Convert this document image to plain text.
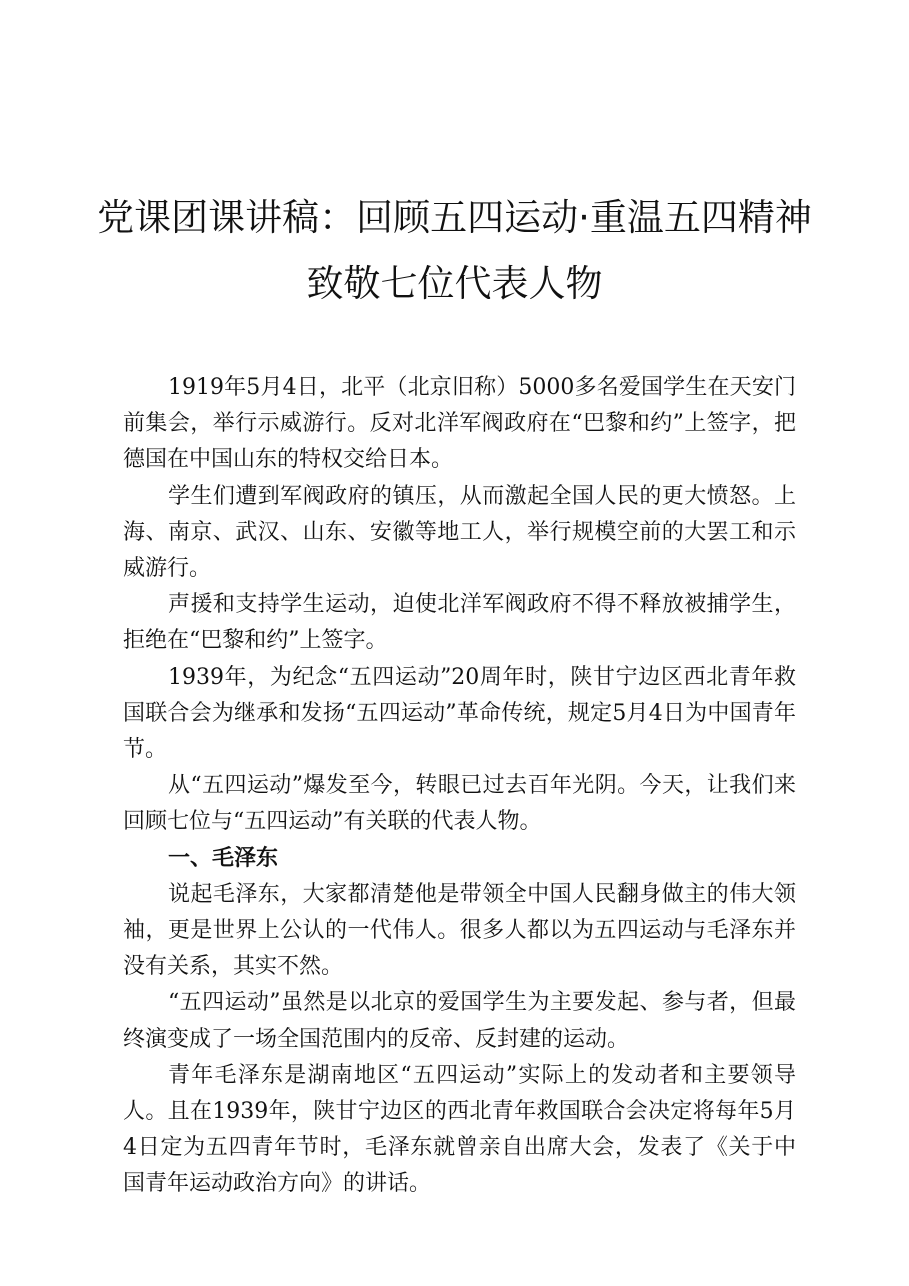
党课团课讲稿：回顾五四运动·重温五四精神
致敬七位代表人物

1919年5月4日，北平（北京旧称）5000多名爱国学生在天安门前集会，举行示威游行。反对北洋军阀政府在“巴黎和约”上签字，把德国在中国山东的特权交给日本。

学生们遭到军阀政府的镇压，从而激起全国人民的更大愤怒。上海、南京、武汉、山东、安徽等地工人，举行规模空前的大罢工和示威游行。

声援和支持学生运动，迫使北洋军阀政府不得不释放被捕学生，拒绝在“巴黎和约”上签字。

1939年，为纪念“五四运动”20周年时，陕甘宁边区西北青年救国联合会为继承和发扬“五四运动”革命传统，规定5月4日为中国青年节。

从“五四运动”爆发至今，转眼已过去百年光阴。今天，让我们来回顾七位与“五四运动”有关联的代表人物。

一、毛泽东

说起毛泽东，大家都清楚他是带领全中国人民翻身做主的伟大领袖，更是世界上公认的一代伟人。很多人都以为五四运动与毛泽东并没有关系，其实不然。

“五四运动”虽然是以北京的爱国学生为主要发起、参与者，但最终演变成了一场全国范围内的反帝、反封建的运动。

青年毛泽东是湖南地区“五四运动”实际上的发动者和主要领导人。且在1939年，陕甘宁边区的西北青年救国联合会决定将每年5月4日定为五四青年节时，毛泽东就曾亲自出席大会，发表了《关于中国青年运动政治方向》的讲话。
